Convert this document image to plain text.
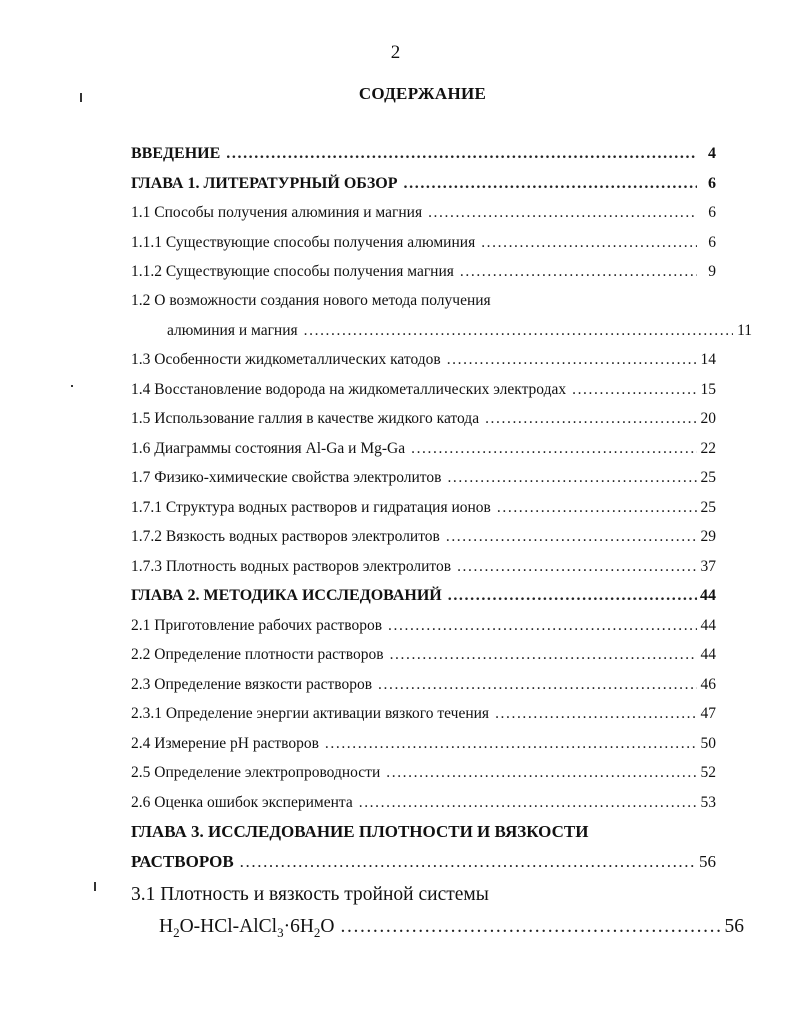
2
СОДЕРЖАНИЕ
ВВЕДЕНИЕ .....	4
ГЛАВА 1. ЛИТЕРАТУРНЫЙ ОБЗОР .....	6
1.1 Способы получения алюминия и магния .....	6
1.1.1 Существующие способы получения алюминия .....	6
1.1.2 Существующие способы получения магния .....	9
1.2 О возможности создания нового метода получения
алюминия и магния .....	11
1.3 Особенности жидкометаллических катодов .....	14
1.4 Восстановление водорода на жидкометаллических электродах .....	15
1.5 Использование галлия в качестве жидкого катода .....	20
1.6 Диаграммы состояния Al-Ga и Mg-Ga .....	22
1.7 Физико-химические свойства электролитов .....	25
1.7.1 Структура водных растворов и гидратация ионов .....	25
1.7.2 Вязкость водных растворов электролитов .....	29
1.7.3 Плотность водных растворов электролитов .....	37
ГЛАВА 2. МЕТОДИКА ИССЛЕДОВАНИЙ .....	44
2.1 Приготовление рабочих растворов .....	44
2.2 Определение плотности растворов .....	44
2.3 Определение вязкости растворов .....	46
2.3.1 Определение энергии активации вязкого течения .....	47
2.4 Измерение pH растворов .....	50
2.5 Определение электропроводности .....	52
2.6 Оценка ошибок эксперимента .....	53
ГЛАВА 3. ИССЛЕДОВАНИЕ ПЛОТНОСТИ И ВЯЗКОСТИ
РАСТВОРОВ .....	56
3.1 Плотность и вязкость тройной системы
$H_2O-HCl-AlCl_3\cdot 6H_2O$ .....	56
